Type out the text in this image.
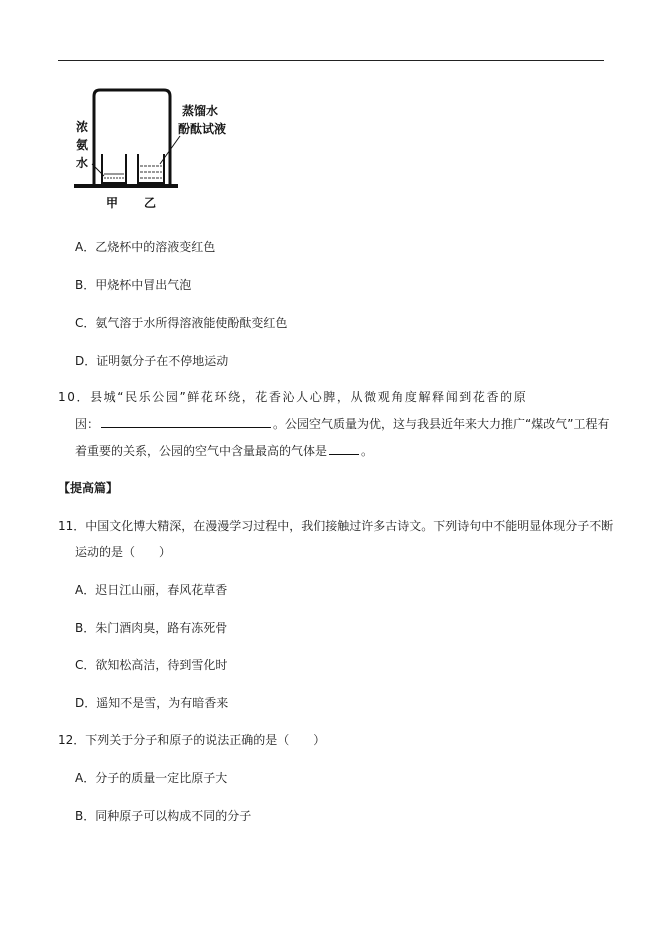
浓
氨
水
蒸馏水
酚酞试液
甲 乙
A．乙烧杯中的溶液变红色
B．甲烧杯中冒出气泡
C．氨气溶于水所得溶液能使酚酞变红色
D．证明氨分子在不停地运动
10．县城“民乐公园”鲜花环绕，花香沁人心脾，从微观角度解释闻到花香的原
因：	。公园空气质量为优，这与我县近年来大力推广“煤改气”工程有
着重要的关系，公园的空气中含量最高的气体是	。
【提高篇】
11．中国文化博大精深，在漫漫学习过程中，我们接触过许多古诗文。下列诗句中不能明显体现分子不断
运动的是（　　）
A．迟日江山丽，春风花草香
B．朱门酒肉臭，路有冻死骨
C．欲知松高洁，待到雪化时
D．遥知不是雪，为有暗香来
12．下列关于分子和原子的说法正确的是（　　）
A．分子的质量一定比原子大
B．同种原子可以构成不同的分子
